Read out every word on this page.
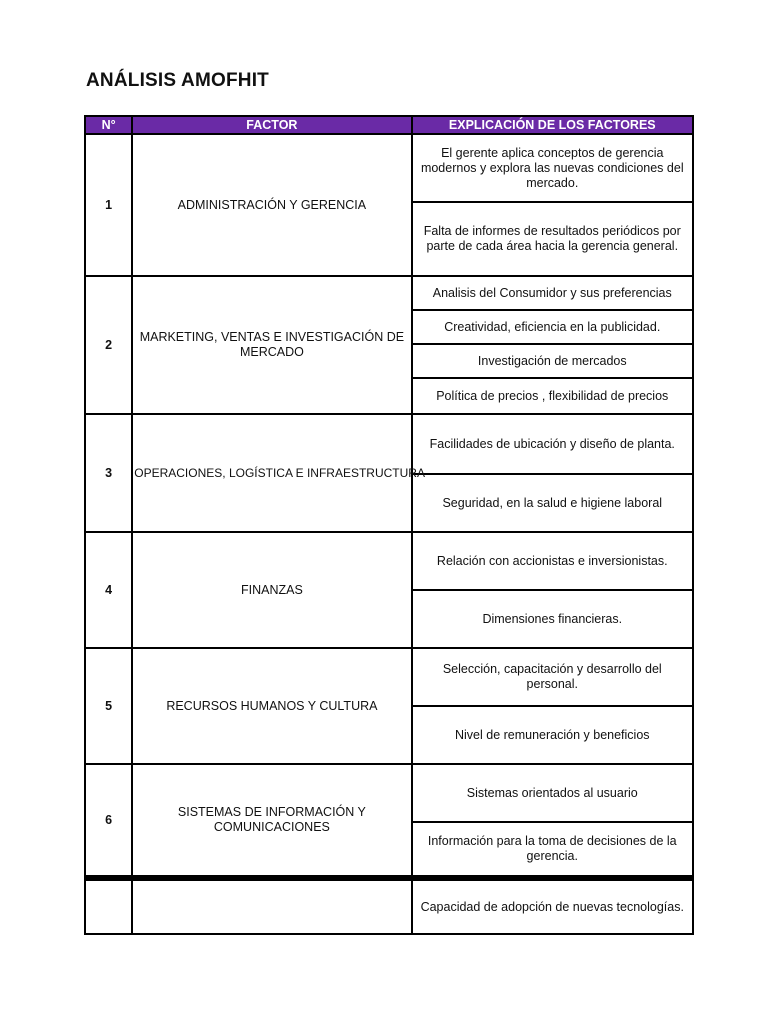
ANÁLISIS AMOFHIT
N°	FACTOR	EXPLICACIÓN DE LOS FACTORES
1	ADMINISTRACIÓN Y GERENCIA	El gerente aplica conceptos de gerencia modernos y explora las nuevas condiciones del mercado.
		Falta de informes de resultados periódicos por parte de cada área hacia la gerencia general.
2	MARKETING, VENTAS E INVESTIGACIÓN DE MERCADO	Analisis del Consumidor y sus preferencias
		Creatividad, eficiencia en la publicidad.
		Investigación de mercados
		Política de precios , flexibilidad de precios
3	OPERACIONES, LOGÍSTICA E INFRAESTRUCTURA	Facilidades de ubicación y diseño de planta.
		Seguridad, en la salud e higiene laboral
4	FINANZAS	Relación con accionistas e inversionistas.
		Dimensiones financieras.
5	RECURSOS HUMANOS Y CULTURA	Selección, capacitación y desarrollo del personal.
		Nivel de remuneración y beneficios
6	SISTEMAS DE INFORMACIÓN Y COMUNICACIONES	Sistemas orientados al usuario
		Información para la toma de decisiones de la gerencia.
		Capacidad de adopción de nuevas tecnologías.
